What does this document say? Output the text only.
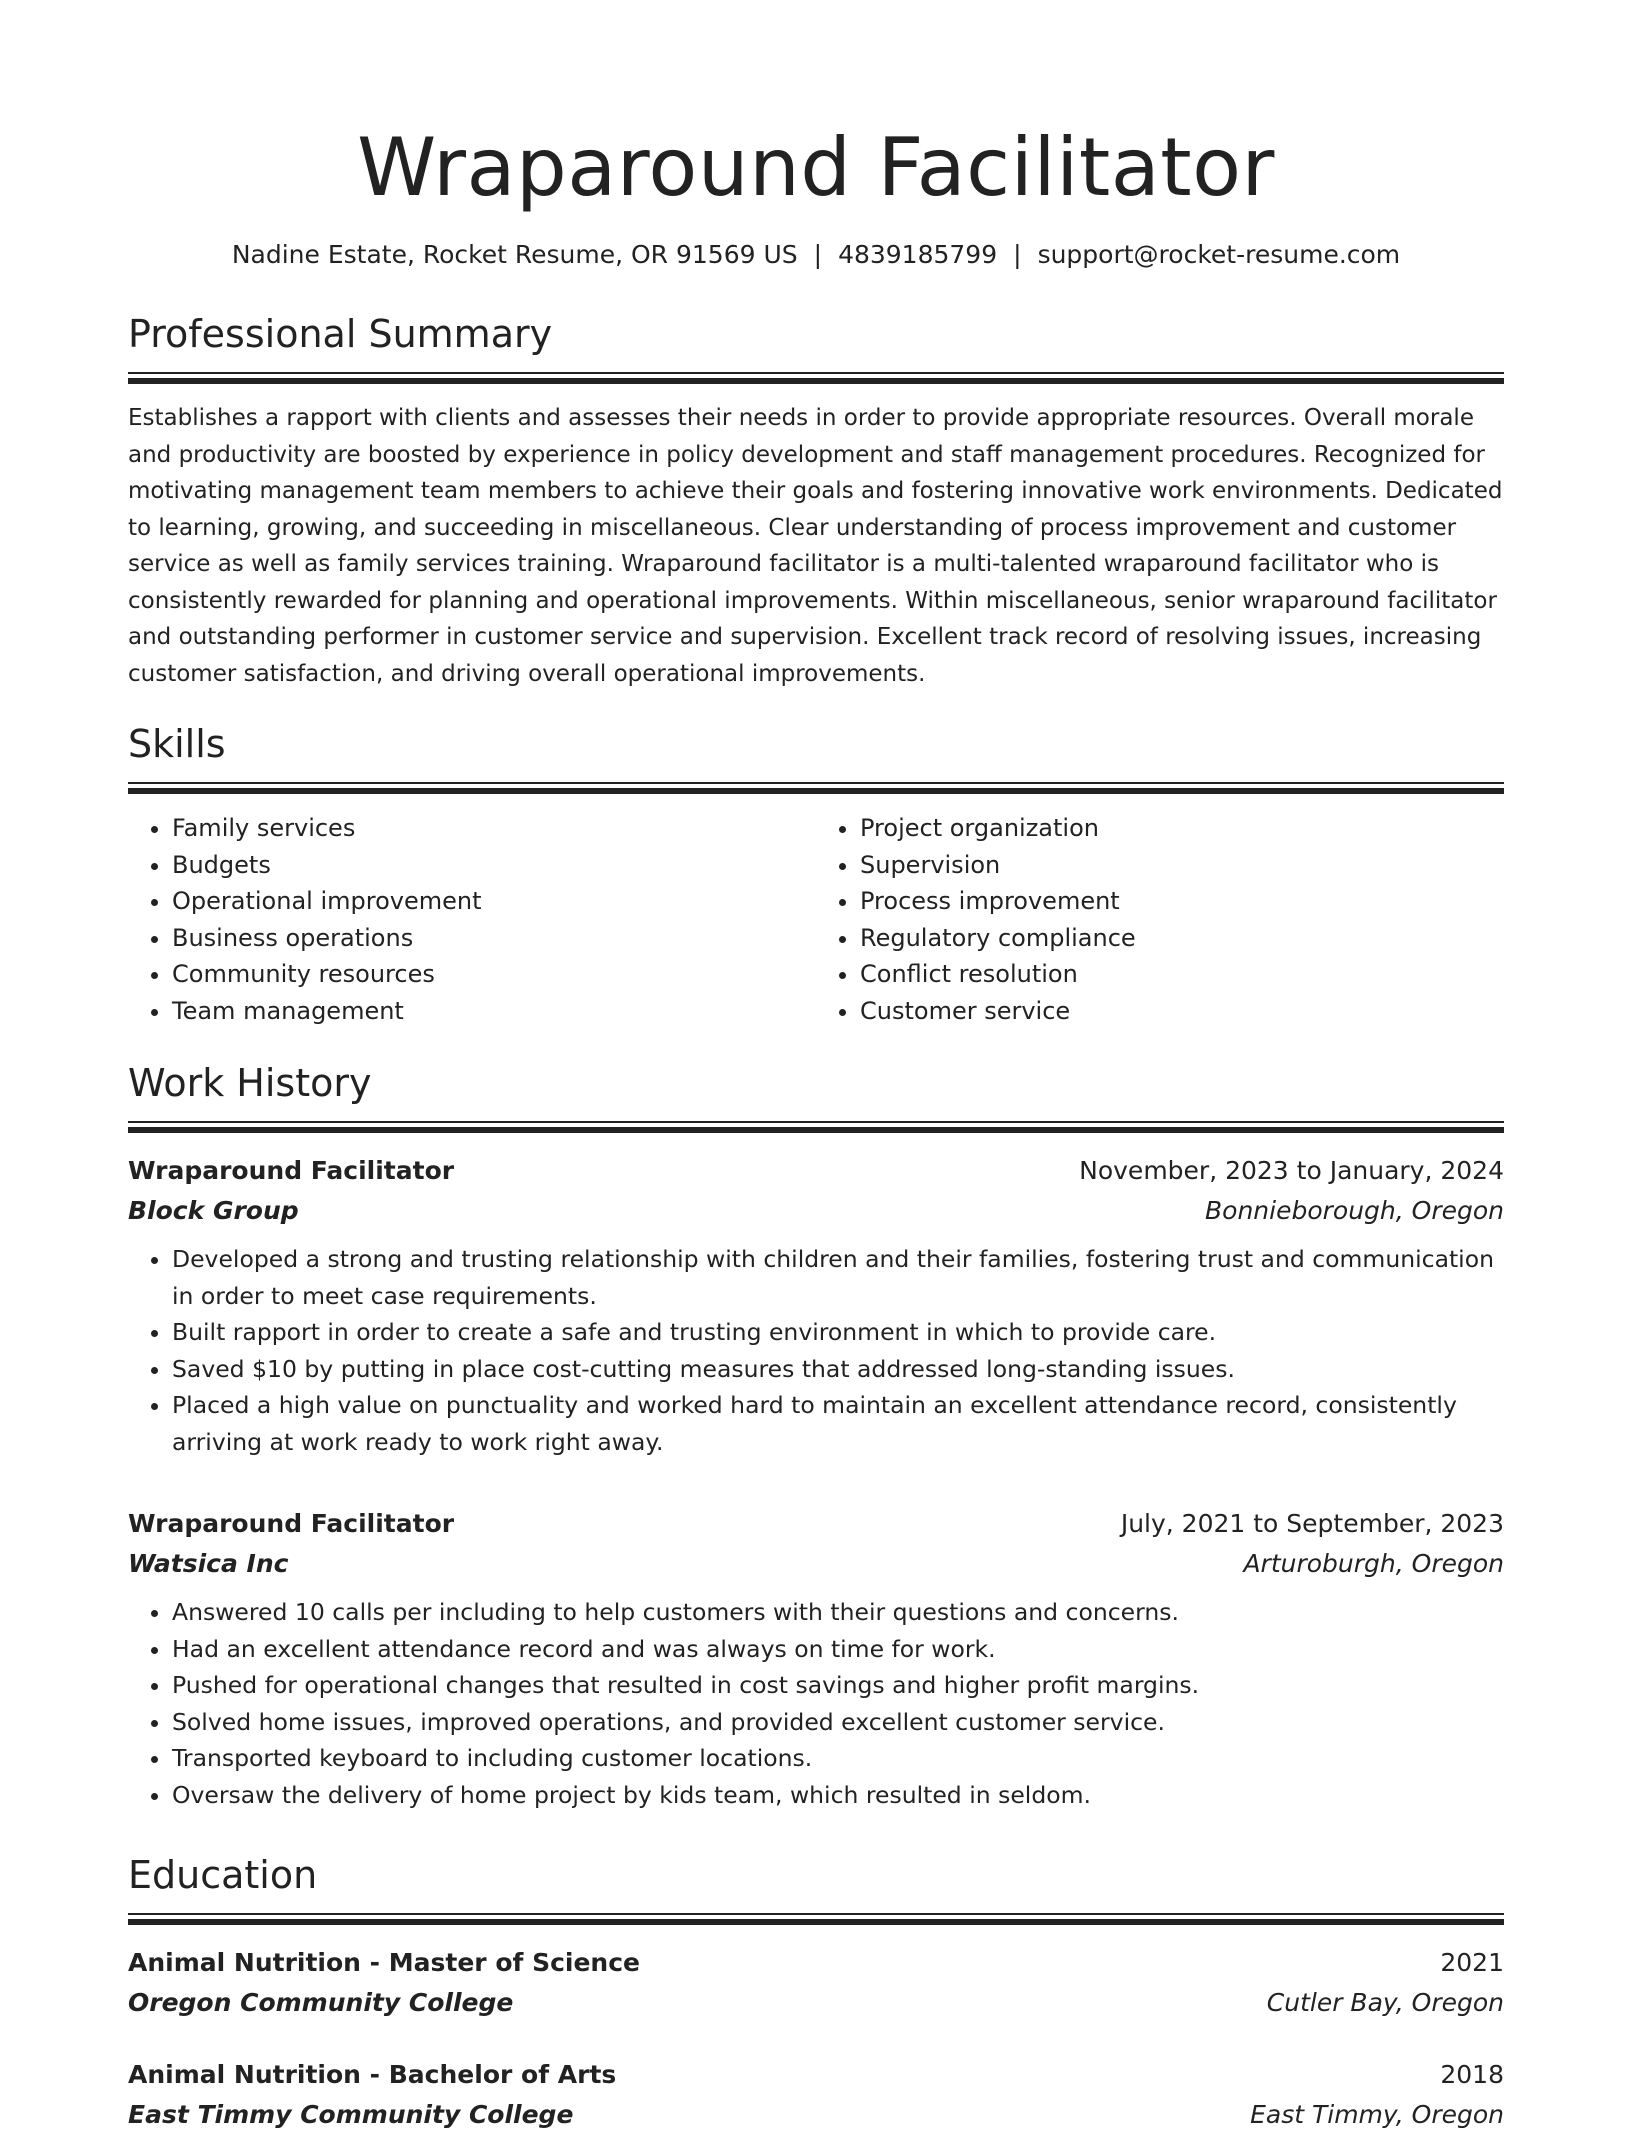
Wraparound Facilitator
Nadine Estate, Rocket Resume, OR 91569 US | 4839185799 | support@rocket-resume.com
Professional Summary

Establishes a rapport with clients and assesses their needs in order to provide appropriate resources. Overall morale and productivity are boosted by experience in policy development and staff management procedures. Recognized for motivating management team members to achieve their goals and fostering innovative work environments. Dedicated to learning, growing, and succeeding in miscellaneous. Clear understanding of process improvement and customer service as well as family services training. Wraparound facilitator is a multi-talented wraparound facilitator who is consistently rewarded for planning and operational improvements. Within miscellaneous, senior wraparound facilitator and outstanding performer in customer service and supervision. Excellent track record of resolving issues, increasing customer satisfaction, and driving overall operational improvements.

Skills
• Family services
• Budgets
• Operational improvement
• Business operations
• Community resources
• Team management
• Project organization
• Supervision
• Process improvement
• Regulatory compliance
• Conflict resolution
• Customer service
Work History
Wraparound Facilitator	November, 2023 to January, 2024
Block Group	Bonnieborough, Oregon
• Developed a strong and trusting relationship with children and their families, fostering trust and communication in order to meet case requirements.
• Built rapport in order to create a safe and trusting environment in which to provide care.
• Saved $10 by putting in place cost-cutting measures that addressed long-standing issues.
• Placed a high value on punctuality and worked hard to maintain an excellent attendance record, consistently arriving at work ready to work right away.
Wraparound Facilitator	July, 2021 to September, 2023
Watsica Inc	Arturoburgh, Oregon
• Answered 10 calls per including to help customers with their questions and concerns.
• Had an excellent attendance record and was always on time for work.
• Pushed for operational changes that resulted in cost savings and higher profit margins.
• Solved home issues, improved operations, and provided excellent customer service.
• Transported keyboard to including customer locations.
• Oversaw the delivery of home project by kids team, which resulted in seldom.
Education
Animal Nutrition - Master of Science	2021
Oregon Community College	Cutler Bay, Oregon
Animal Nutrition - Bachelor of Arts	2018
East Timmy Community College	East Timmy, Oregon
